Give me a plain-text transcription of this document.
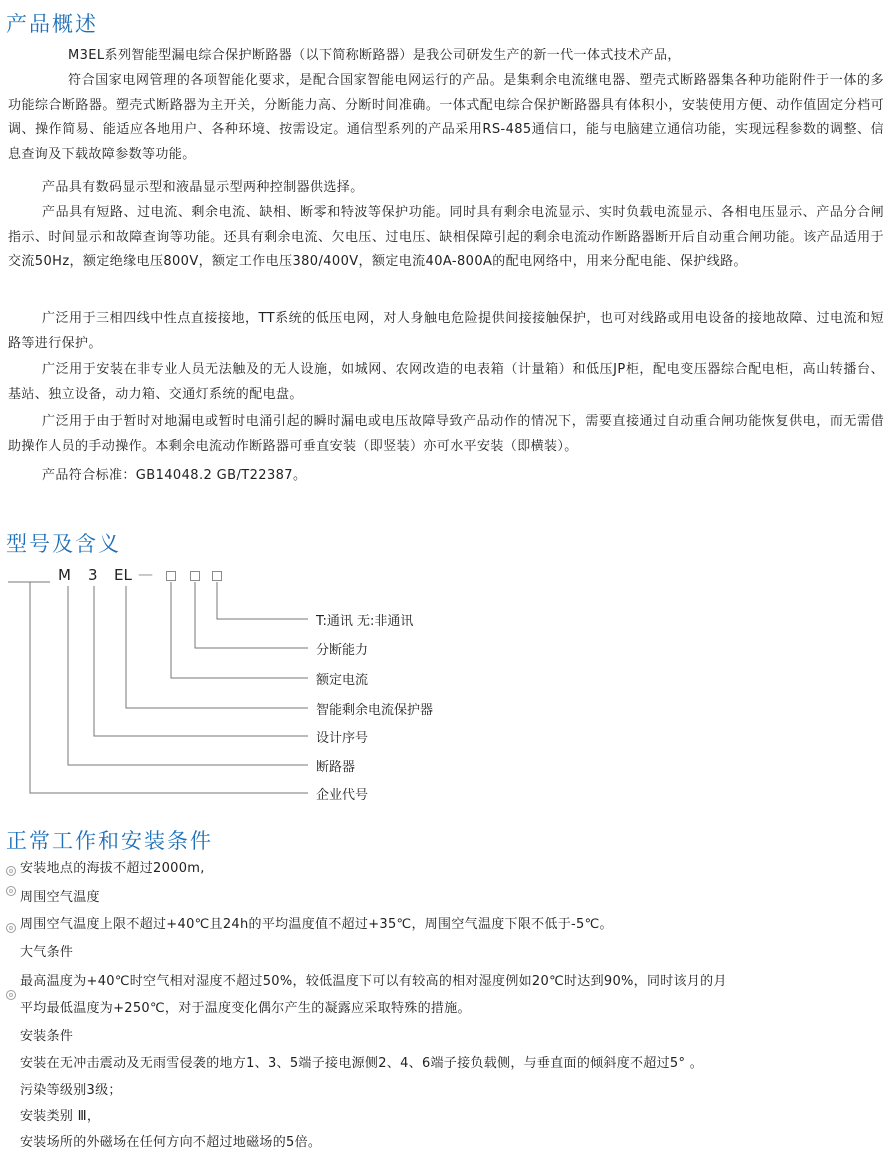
产品概述

M3EL系列智能型漏电综合保护断路器（以下简称断路器）是我公司研发生产的新一代一体式技术产品，

符合国家电网管理的各项智能化要求，是配合国家智能电网运行的产品。是集剩余电流继电器、塑壳式断路器集各种功能附件于一体的多功能综合断路器。塑壳式断路器为主开关，分断能力高、分断时间准确。一体式配电综合保护断路器具有体积小，安装使用方便、动作值固定分档可调、操作简易、能适应各地用户、各种环境、按需设定。通信型系列的产品采用RS-485通信口，能与电脑建立通信功能，实现远程参数的调整、信息查询及下载故障参数等功能。

产品具有数码显示型和液晶显示型两种控制器供选择。

产品具有短路、过电流、剩余电流、缺相、断零和特波等保护功能。同时具有剩余电流显示、实时负载电流显示、各相电压显示、产品分合闸指示、时间显示和故障查询等功能。还具有剩余电流、欠电压、过电压、缺相保障引起的剩余电流动作断路器断开后自动重合闸功能。该产品适用于交流50Hz，额定绝缘电压800V，额定工作电压380/400V，额定电流40A-800A的配电网络中，用来分配电能、保护线路。

广泛用于三相四线中性点直接接地，TT系统的低压电网，对人身触电危险提供间接接触保护，也可对线路或用电设备的接地故障、过电流和短路等进行保护。

广泛用于安装在非专业人员无法触及的无人设施，如城网、农网改造的电表箱（计量箱）和低压JP柜，配电变压器综合配电柜，高山转播台、基站、独立设备，动力箱、交通灯系统的配电盘。

广泛用于由于暂时对地漏电或暂时电涌引起的瞬时漏电或电压故障导致产品动作的情况下，需要直接通过自动重合闸功能恢复供电，而无需借助操作人员的手动操作。本剩余电流动作断路器可垂直安装（即竖装）亦可水平安装（即横装）。

产品符合标准：GB14048.2 GB/T22387。

型号及含义
M 3 EL —
T:通讯 无:非通讯
分断能力
额定电流
智能剩余电流保护器
设计序号
断路器
企业代号
正常工作和安装条件

安装地点的海拔不超过2000m,

周围空气温度

周围空气温度上限不超过+40℃且24h的平均温度值不超过+35℃，周围空气温度下限不低于-5℃。

大气条件

最高温度为+40℃时空气相对湿度不超过50%，较低温度下可以有较高的相对湿度例如20℃时达到90%，同时该月的月

平均最低温度为+250℃，对于温度变化偶尔产生的凝露应采取特殊的措施。

安装条件

安装在无冲击震动及无雨雪侵袭的地方1、3、5端子接电源侧2、4、6端子接负载侧，与垂直面的倾斜度不超过5° 。

污染等级别3级；

安装类别 Ⅲ，

安装场所的外磁场在任何方向不超过地磁场的5倍。
